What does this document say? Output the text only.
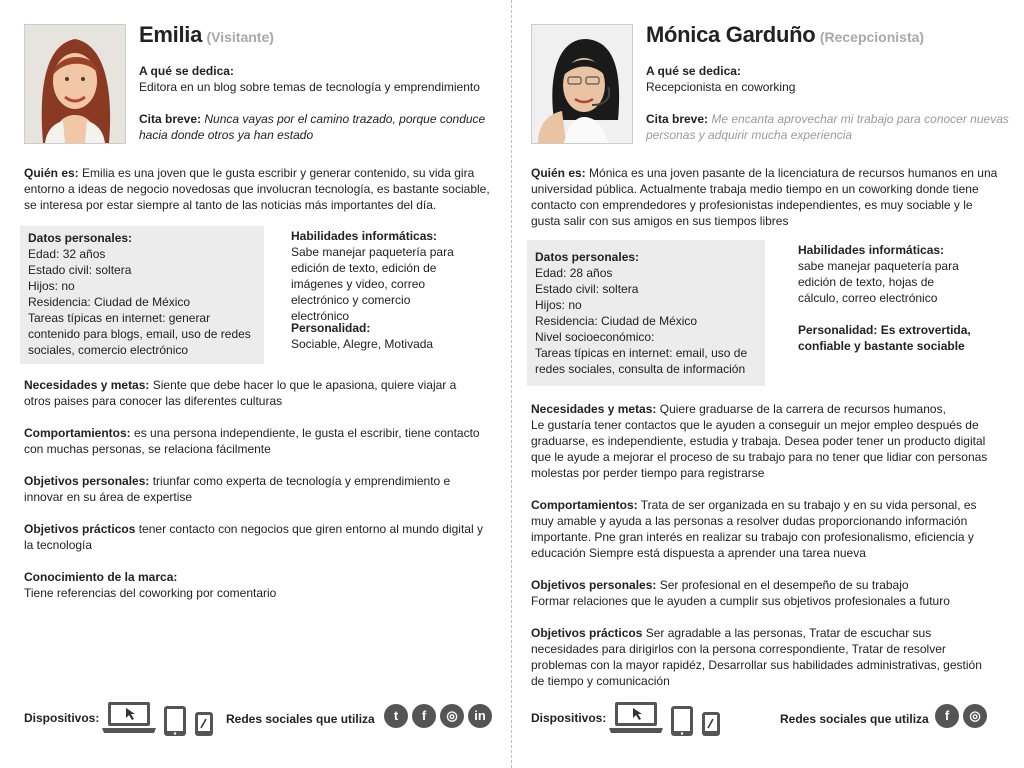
Emilia (Visitante)

A qué se dedica:

Editora en un blog sobre temas de tecnología y emprendimiento

Cita breve: Nunca vayas por el camino trazado, porque conduce hacia donde otros ya han estado

Quién es: Emilia es una joven que le gusta escribir y generar contenido, su vida gira entorno a ideas de negocio novedosas que involucran tecnología, es bastante sociable, se interesa por estar siempre al tanto de las noticias más importantes del día.

Datos personales:

Edad: 32 años

Estado civil: soltera

Hijos: no

Residencia: Ciudad de México

Tareas típicas en internet: generar contenido para blogs, email, uso de redes sociales, comercio electrónico

Habilidades informáticas:

Sabe manejar paquetería para edición de texto, edición de imágenes y video, correo electrónico y comercio electrónico

Personalidad:

Sociable, Alegre, Motivada

Necesidades y metas: Siente que debe hacer lo que le apasiona, quiere viajar a otros paises para conocer las diferentes culturas

Comportamientos: es una persona independiente, le gusta el escribir, tiene contacto con muchas personas, se relaciona fácilmente

Objetivos personales: triunfar como experta de tecnología y emprendimiento e innovar en su área de expertise

Objetivos prácticos tener contacto con negocios que giren entorno al mundo digital y la tecnología

Conocimiento de la marca:

Tiene referencias del coworking por comentario

Dispositivos:	Redes sociales que utiliza	t f ◎ in
Mónica Garduño (Recepcionista)

A qué se dedica:

Recepcionista en coworking

Cita breve: Me encanta aprovechar mi trabajo para conocer nuevas personas y adquirir mucha experiencia

Quién es: Mónica es una joven pasante de la licenciatura de recursos humanos en una universidad pública. Actualmente trabaja medio tiempo en un coworking donde tiene contacto con emprendedores y profesionistas independientes, es muy sociable y le gusta salir con sus amigos en sus tiempos libres

Datos personales:

Edad: 28 años

Estado civil: soltera

Hijos: no

Residencia: Ciudad de México

Nivel socioeconómico:

Tareas típicas en internet: email, uso de redes sociales, consulta de información

Habilidades informáticas:

sabe manejar paquetería para edición de texto, hojas de cálculo, correo electrónico

Personalidad: Es extrovertida, confiable y bastante sociable

Necesidades y metas: Quiere graduarse de la carrera de recursos humanos,

Le gustaría tener contactos que le ayuden a conseguir un mejor empleo después de graduarse, es independiente, estudia y trabaja. Desea poder tener un producto digital que le ayude a mejorar el proceso de su trabajo para no tener que lidiar con personas molestas por perder tiempo para registrarse

Comportamientos: Trata de ser organizada en su trabajo y en su vida personal, es muy amable y ayuda a las personas a resolver dudas proporcionando información importante. Pne gran interés en realizar su trabajo con profesionalismo, eficiencia y educación Siempre está dispuesta a aprender una tarea nueva

Objetivos personales: Ser profesional en el desempeño de su trabajo

Formar relaciones que le ayuden a cumplir sus objetivos profesionales a futuro

Objetivos prácticos Ser agradable a las personas, Tratar de escuchar sus necesidades para dirigirlos con la persona correspondiente, Tratar de resolver problemas con la mayor rapidéz, Desarrollar sus habilidades administrativas, gestión de tiempo y comunicación

Dispositivos:	Redes sociales que utiliza	f ◎
